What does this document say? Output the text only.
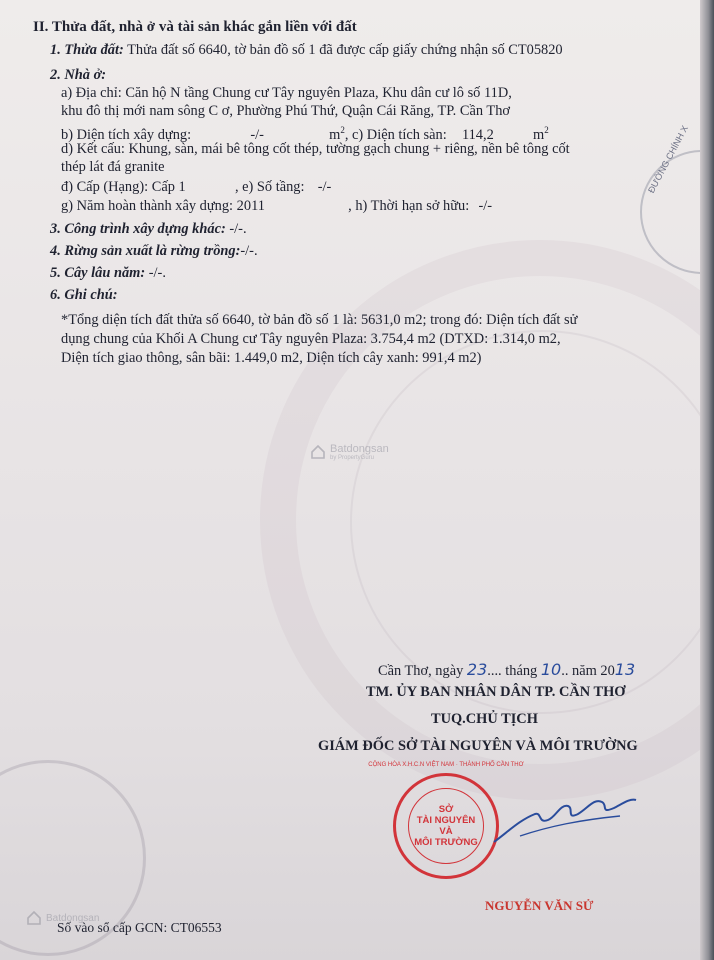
ĐƯỜNG CHÍNH X
II. Thửa đất, nhà ở và tài sản khác gắn liền với đất
1. Thửa đất: Thửa đất số 6640, tờ bản đồ số 1 đã được cấp giấy chứng nhận số CT05820
2. Nhà ở:
a) Địa chỉ: Căn hộ N tầng Chung cư Tây nguyên Plaza, Khu dân cư lô số 11D,
khu đô thị mới nam sông C ơ, Phường Phú Thứ, Quận Cái Răng, TP. Cần Thơ
b) Diện tích xây dựng:	-/-	$m^2$, c) Diện tích sàn: 114,2	$m^2$
d) Kết cấu: Khung, sàn, mái bê tông cốt thép, tường gạch chung + riêng, nền bê tông cốt
thép lát đá granite
đ) Cấp (Hạng): Cấp 1	, e) Số tầng: -/-
g) Năm hoàn thành xây dựng: 2011	, h) Thời hạn sở hữu: -/-
3. Công trình xây dựng khác: -/-.
4. Rừng sản xuất là rừng trồng:-/-.
5. Cây lâu năm: -/-.
6. Ghi chú:
*Tổng diện tích đất thửa số 6640, tờ bản đồ số 1 là: 5631,0 m2; trong đó: Diện tích đất sử
dụng chung của Khối A Chung cư Tây nguyên Plaza: 3.754,4 m2 (DTXD: 1.314,0 m2,
Diện tích giao thông, sân bãi: 1.449,0 m2, Diện tích cây xanh: 991,4 m2)
Batdongsan
by PropertyGuru
Cần Thơ, ngày 23.... tháng 10.. năm 2013
TM. ỦY BAN NHÂN DÂN TP. CẦN THƠ
TUQ.CHỦ TỊCH
GIÁM ĐỐC SỞ TÀI NGUYÊN VÀ MÔI TRƯỜNG
CỘNG HÒA X.H.C.N VIỆT NAM · THÀNH PHỐ CẦN THƠ
SỞ
TÀI NGUYÊN
VÀ
MÔI TRƯỜNG
NGUYỄN VĂN SỬ
Batdongsan
Số vào sổ cấp GCN: CT06553
